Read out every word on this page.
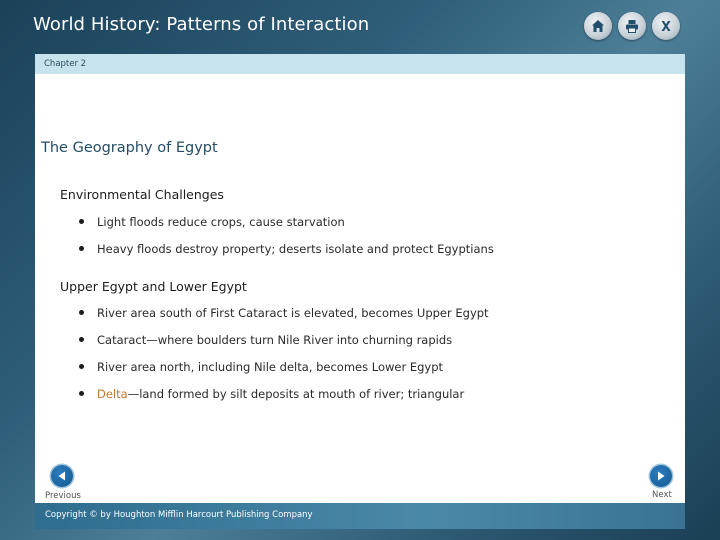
World History: Patterns of Interaction
Chapter 2
The Geography of Egypt
Environmental Challenges
Light floods reduce crops, cause starvation
Heavy floods destroy property; deserts isolate and protect Egyptians
Upper Egypt and Lower Egypt
River area south of First Cataract is elevated, becomes Upper Egypt
Cataract—where boulders turn Nile River into churning rapids
River area north, including Nile delta, becomes Lower Egypt
Delta—land formed by silt deposits at mouth of river; triangular
Previous	Next
Copyright © by Houghton Mifflin Harcourt Publishing Company
